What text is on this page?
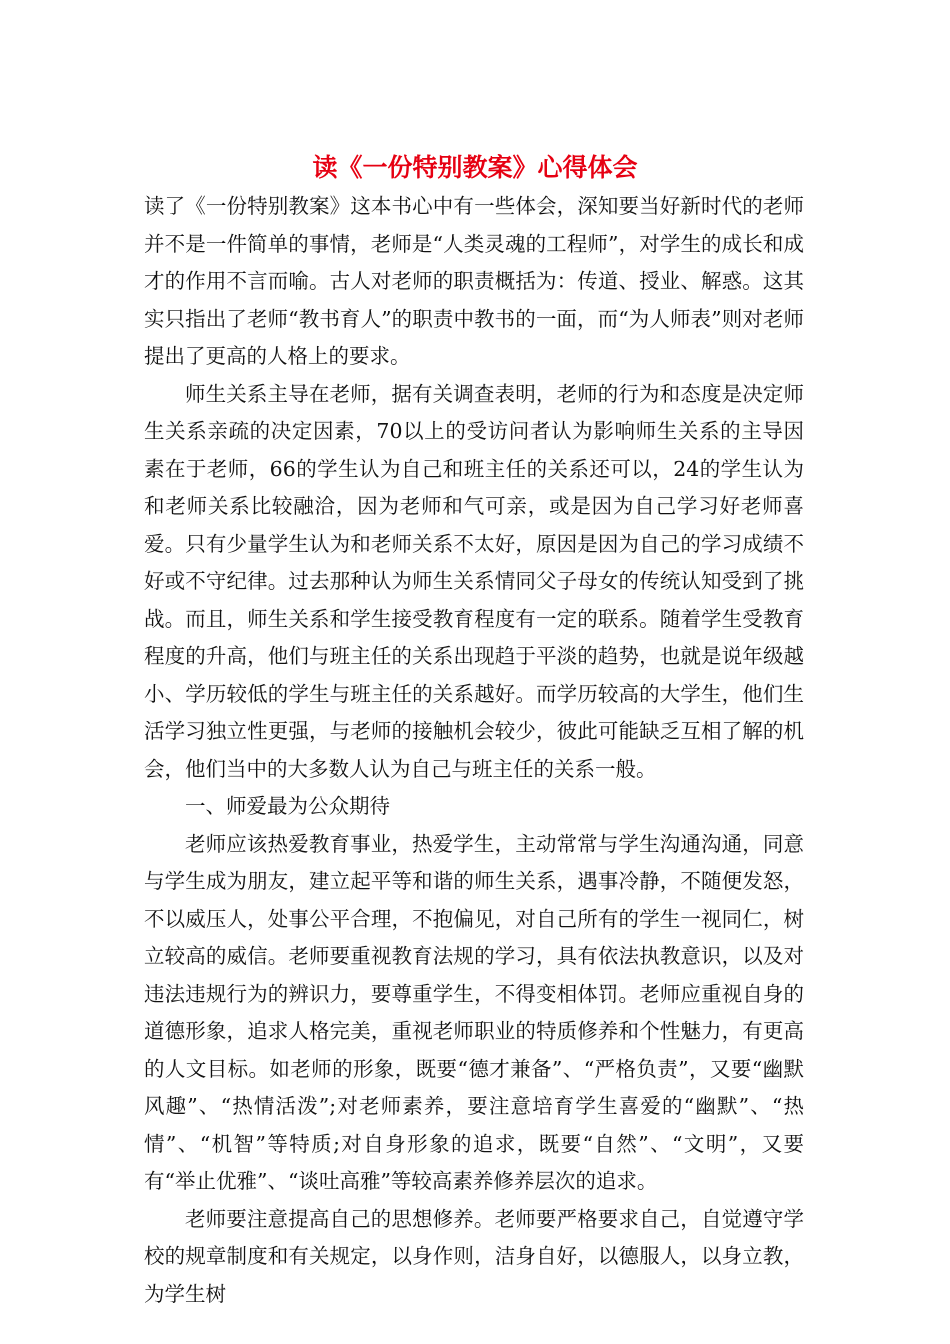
读《一份特别教案》心得体会

读了《一份特别教案》这本书心中有一些体会，深知要当好新时代的老师并不是一件简单的事情，老师是“人类灵魂的工程师”，对学生的成长和成才的作用不言而喻。古人对老师的职责概括为：传道、授业、解惑。这其实只指出了老师“教书育人”的职责中教书的一面，而“为人师表”则对老师提出了更高的人格上的要求。

师生关系主导在老师，据有关调查表明，老师的行为和态度是决定师生关系亲疏的决定因素，70以上的受访问者认为影响师生关系的主导因素在于老师，66的学生认为自己和班主任的关系还可以，24的学生认为和老师关系比较融洽，因为老师和气可亲，或是因为自己学习好老师喜爱。只有少量学生认为和老师关系不太好，原因是因为自己的学习成绩不好或不守纪律。过去那种认为师生关系情同父子母女的传统认知受到了挑战。而且，师生关系和学生接受教育程度有一定的联系。随着学生受教育程度的升高，他们与班主任的关系出现趋于平淡的趋势，也就是说年级越小、学历较低的学生与班主任的关系越好。而学历较高的大学生，他们生活学习独立性更强，与老师的接触机会较少，彼此可能缺乏互相了解的机会，他们当中的大多数人认为自己与班主任的关系一般。

一、师爱最为公众期待

老师应该热爱教育事业，热爱学生，主动常常与学生沟通沟通，同意与学生成为朋友，建立起平等和谐的师生关系，遇事冷静，不随便发怒，不以威压人，处事公平合理，不抱偏见，对自己所有的学生一视同仁，树立较高的威信。老师要重视教育法规的学习，具有依法执教意识，以及对违法违规行为的辨识力，要尊重学生，不得变相体罚。老师应重视自身的道德形象，追求人格完美，重视老师职业的特质修养和个性魅力，有更高的人文目标。如老师的形象，既要“德才兼备”、“严格负责”，又要“幽默风趣”、“热情活泼”;对老师素养，要注意培育学生喜爱的“幽默”、“热情”、“机智”等特质;对自身形象的追求，既要“自然”、“文明”，又要有“举止优雅”、“谈吐高雅”等较高素养修养层次的追求。

老师要注意提高自己的思想修养。老师要严格要求自己，自觉遵守学校的规章制度和有关规定，以身作则，洁身自好，以德服人，以身立教，为学生树
